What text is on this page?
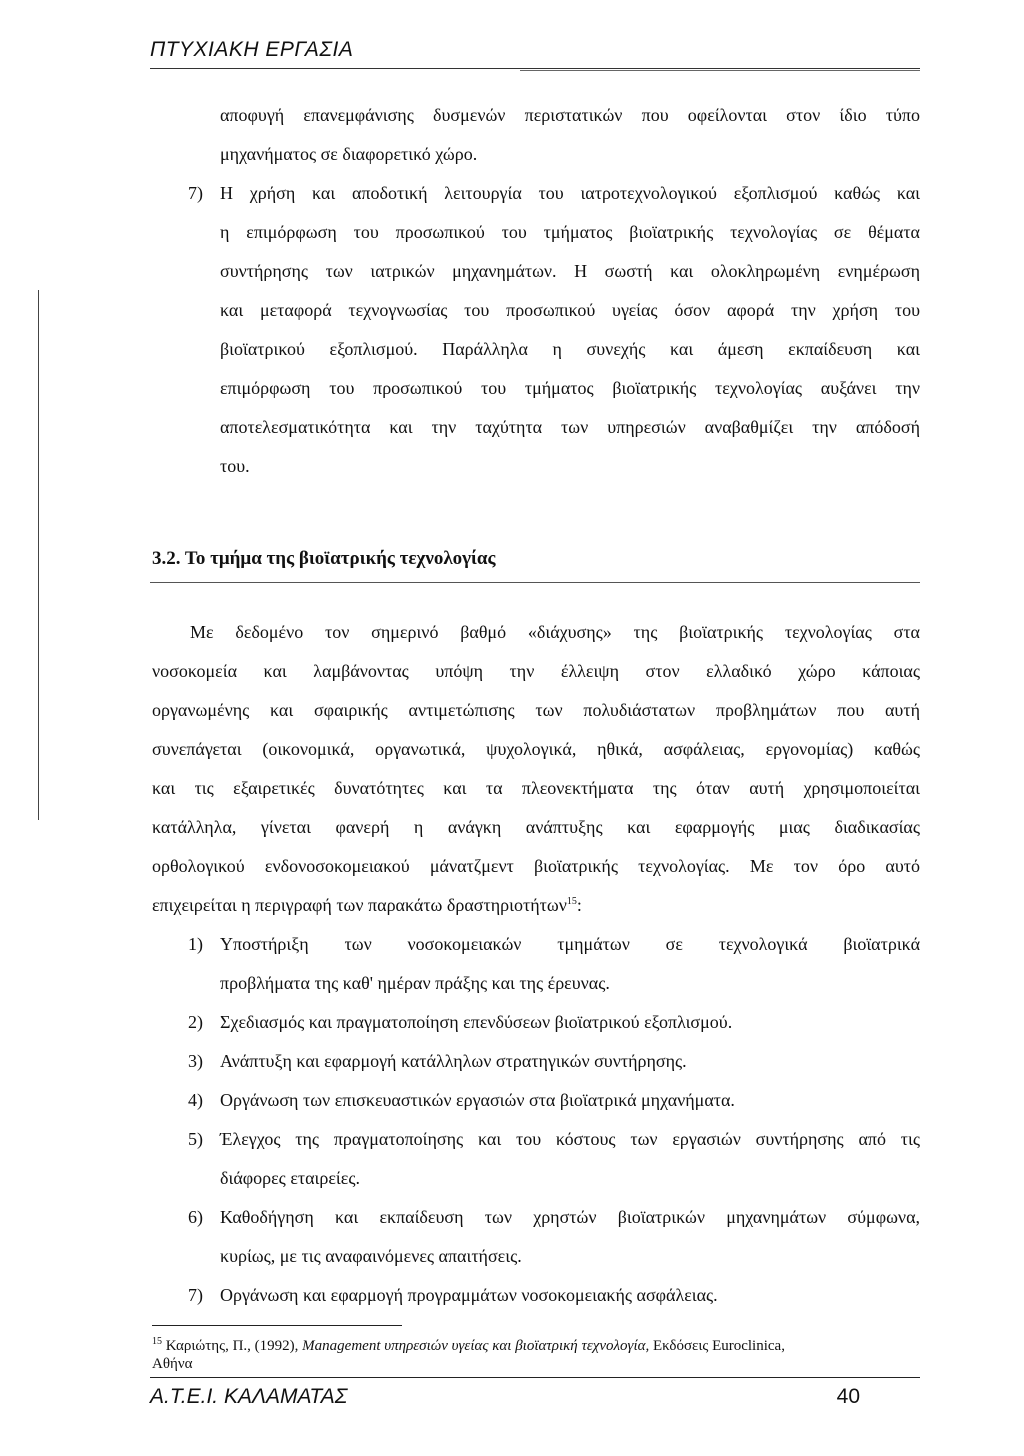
ΠΤΥΧΙΑΚΗ ΕΡΓΑΣΙΑ
αποφυγή επανεμφάνισης δυσμενών περιστατικών που οφείλονται στον ίδιο τύπο
μηχανήματος σε διαφορετικό χώρο.
7) Η χρήση και αποδοτική λειτουργία του ιατροτεχνολογικού εξοπλισμού καθώς και
η επιμόρφωση του προσωπικού του τμήματος βιοϊατρικής τεχνολογίας σε θέματα
συντήρησης των ιατρικών μηχανημάτων. Η σωστή και ολοκληρωμένη ενημέρωση
και μεταφορά τεχνογνωσίας του προσωπικού υγείας όσον αφορά την χρήση του
βιοϊατρικού εξοπλισμού. Παράλληλα η συνεχής και άμεση εκπαίδευση και
επιμόρφωση του προσωπικού του τμήματος βιοϊατρικής τεχνολογίας αυξάνει την
αποτελεσματικότητα και την ταχύτητα των υπηρεσιών αναβαθμίζει την απόδοσή
του.
3.2. Το τμήμα της βιοϊατρικής τεχνολογίας
Με δεδομένο τον σημερινό βαθμό «διάχυσης» της βιοϊατρικής τεχνολογίας στα
νοσοκομεία και λαμβάνοντας υπόψη την έλλειψη στον ελλαδικό χώρο κάποιας
οργανωμένης και σφαιρικής αντιμετώπισης των πολυδιάστατων προβλημάτων που αυτή
συνεπάγεται (οικονομικά, οργανωτικά, ψυχολογικά, ηθικά, ασφάλειας, εργονομίας) καθώς
και τις εξαιρετικές δυνατότητες και τα πλεονεκτήματα της όταν αυτή χρησιμοποιείται
κατάλληλα, γίνεται φανερή η ανάγκη ανάπτυξης και εφαρμογής μιας διαδικασίας
ορθολογικού ενδονοσοκομειακού μάνατζμεντ βιοϊατρικής τεχνολογίας. Με τον όρο αυτό
επιχειρείται η περιγραφή των παρακάτω δραστηριοτήτων$^{15}$:
1) Υποστήριξη των νοσοκομειακών τμημάτων σε τεχνολογικά βιοϊατρικά
προβλήματα της καθ' ημέραν πράξης και της έρευνας.
2) Σχεδιασμός και πραγματοποίηση επενδύσεων βιοϊατρικού εξοπλισμού.
3) Ανάπτυξη και εφαρμογή κατάλληλων στρατηγικών συντήρησης.
4) Οργάνωση των επισκευαστικών εργασιών στα βιοϊατρικά μηχανήματα.
5) Έλεγχος της πραγματοποίησης και του κόστους των εργασιών συντήρησης από τις
διάφορες εταιρείες.
6) Καθοδήγηση και εκπαίδευση των χρηστών βιοϊατρικών μηχανημάτων σύμφωνα,
κυρίως, με τις αναφαινόμενες απαιτήσεις.
7) Οργάνωση και εφαρμογή προγραμμάτων νοσοκομειακής ασφάλειας.
$^{15}$ Καριώτης, Π., (1992), Management υπηρεσιών υγείας και βιοϊατρική τεχνολογία, Εκδόσεις Euroclinica,
Αθήνα
Α.Τ.Ε.Ι. ΚΑΛΑΜΑΤΑΣ	40
